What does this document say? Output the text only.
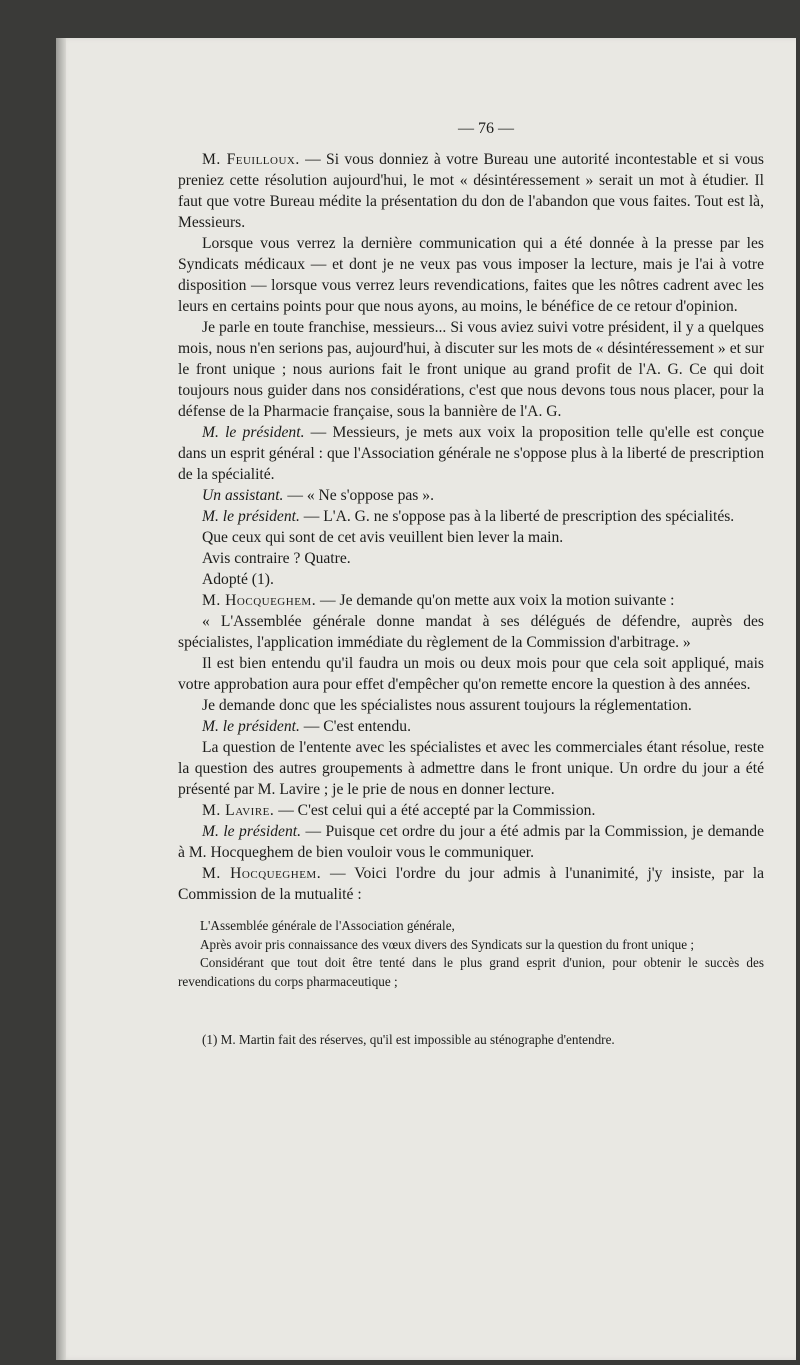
— 76 —

M. Feuilloux. — Si vous donniez à votre Bureau une autorité incontestable et si vous preniez cette résolution aujourd'hui, le mot « désintéressement » serait un mot à étudier. Il faut que votre Bureau médite la présentation du don de l'abandon que vous faites. Tout est là, Messieurs.

Lorsque vous verrez la dernière communication qui a été donnée à la presse par les Syndicats médicaux — et dont je ne veux pas vous imposer la lecture, mais je l'ai à votre disposition — lorsque vous verrez leurs revendications, faites que les nôtres cadrent avec les leurs en certains points pour que nous ayons, au moins, le bénéfice de ce retour d'opinion.

Je parle en toute franchise, messieurs... Si vous aviez suivi votre président, il y a quelques mois, nous n'en serions pas, aujourd'hui, à discuter sur les mots de « désintéressement » et sur le front unique ; nous aurions fait le front unique au grand profit de l'A. G. Ce qui doit toujours nous guider dans nos considérations, c'est que nous devons tous nous placer, pour la défense de la Pharmacie française, sous la bannière de l'A. G.

M. le président. — Messieurs, je mets aux voix la proposition telle qu'elle est conçue dans un esprit général : que l'Association générale ne s'oppose plus à la liberté de prescription de la spécialité.

Un assistant. — « Ne s'oppose pas ».

M. le président. — L'A. G. ne s'oppose pas à la liberté de prescription des spécialités.

Que ceux qui sont de cet avis veuillent bien lever la main.

Avis contraire ? Quatre.

Adopté (1).

M. Hocqueghem. — Je demande qu'on mette aux voix la motion suivante :

« L'Assemblée générale donne mandat à ses délégués de défendre, auprès des spécialistes, l'application immédiate du règlement de la Commission d'arbitrage. »

Il est bien entendu qu'il faudra un mois ou deux mois pour que cela soit appliqué, mais votre approbation aura pour effet d'empêcher qu'on remette encore la question à des années.

Je demande donc que les spécialistes nous assurent toujours la réglementation.

M. le président. — C'est entendu.

La question de l'entente avec les spécialistes et avec les commerciales étant résolue, reste la question des autres groupements à admettre dans le front unique. Un ordre du jour a été présenté par M. Lavire ; je le prie de nous en donner lecture.

M. Lavire. — C'est celui qui a été accepté par la Commission.

M. le président. — Puisque cet ordre du jour a été admis par la Commission, je demande à M. Hocqueghem de bien vouloir vous le communiquer.

M. Hocqueghem. — Voici l'ordre du jour admis à l'unanimité, j'y insiste, par la Commission de la mutualité :

L'Assemblée générale de l'Association générale,

Après avoir pris connaissance des vœux divers des Syndicats sur la question du front unique ;

Considérant que tout doit être tenté dans le plus grand esprit d'union, pour obtenir le succès des revendications du corps pharmaceutique ;

(1) M. Martin fait des réserves, qu'il est impossible au sténographe d'entendre.
